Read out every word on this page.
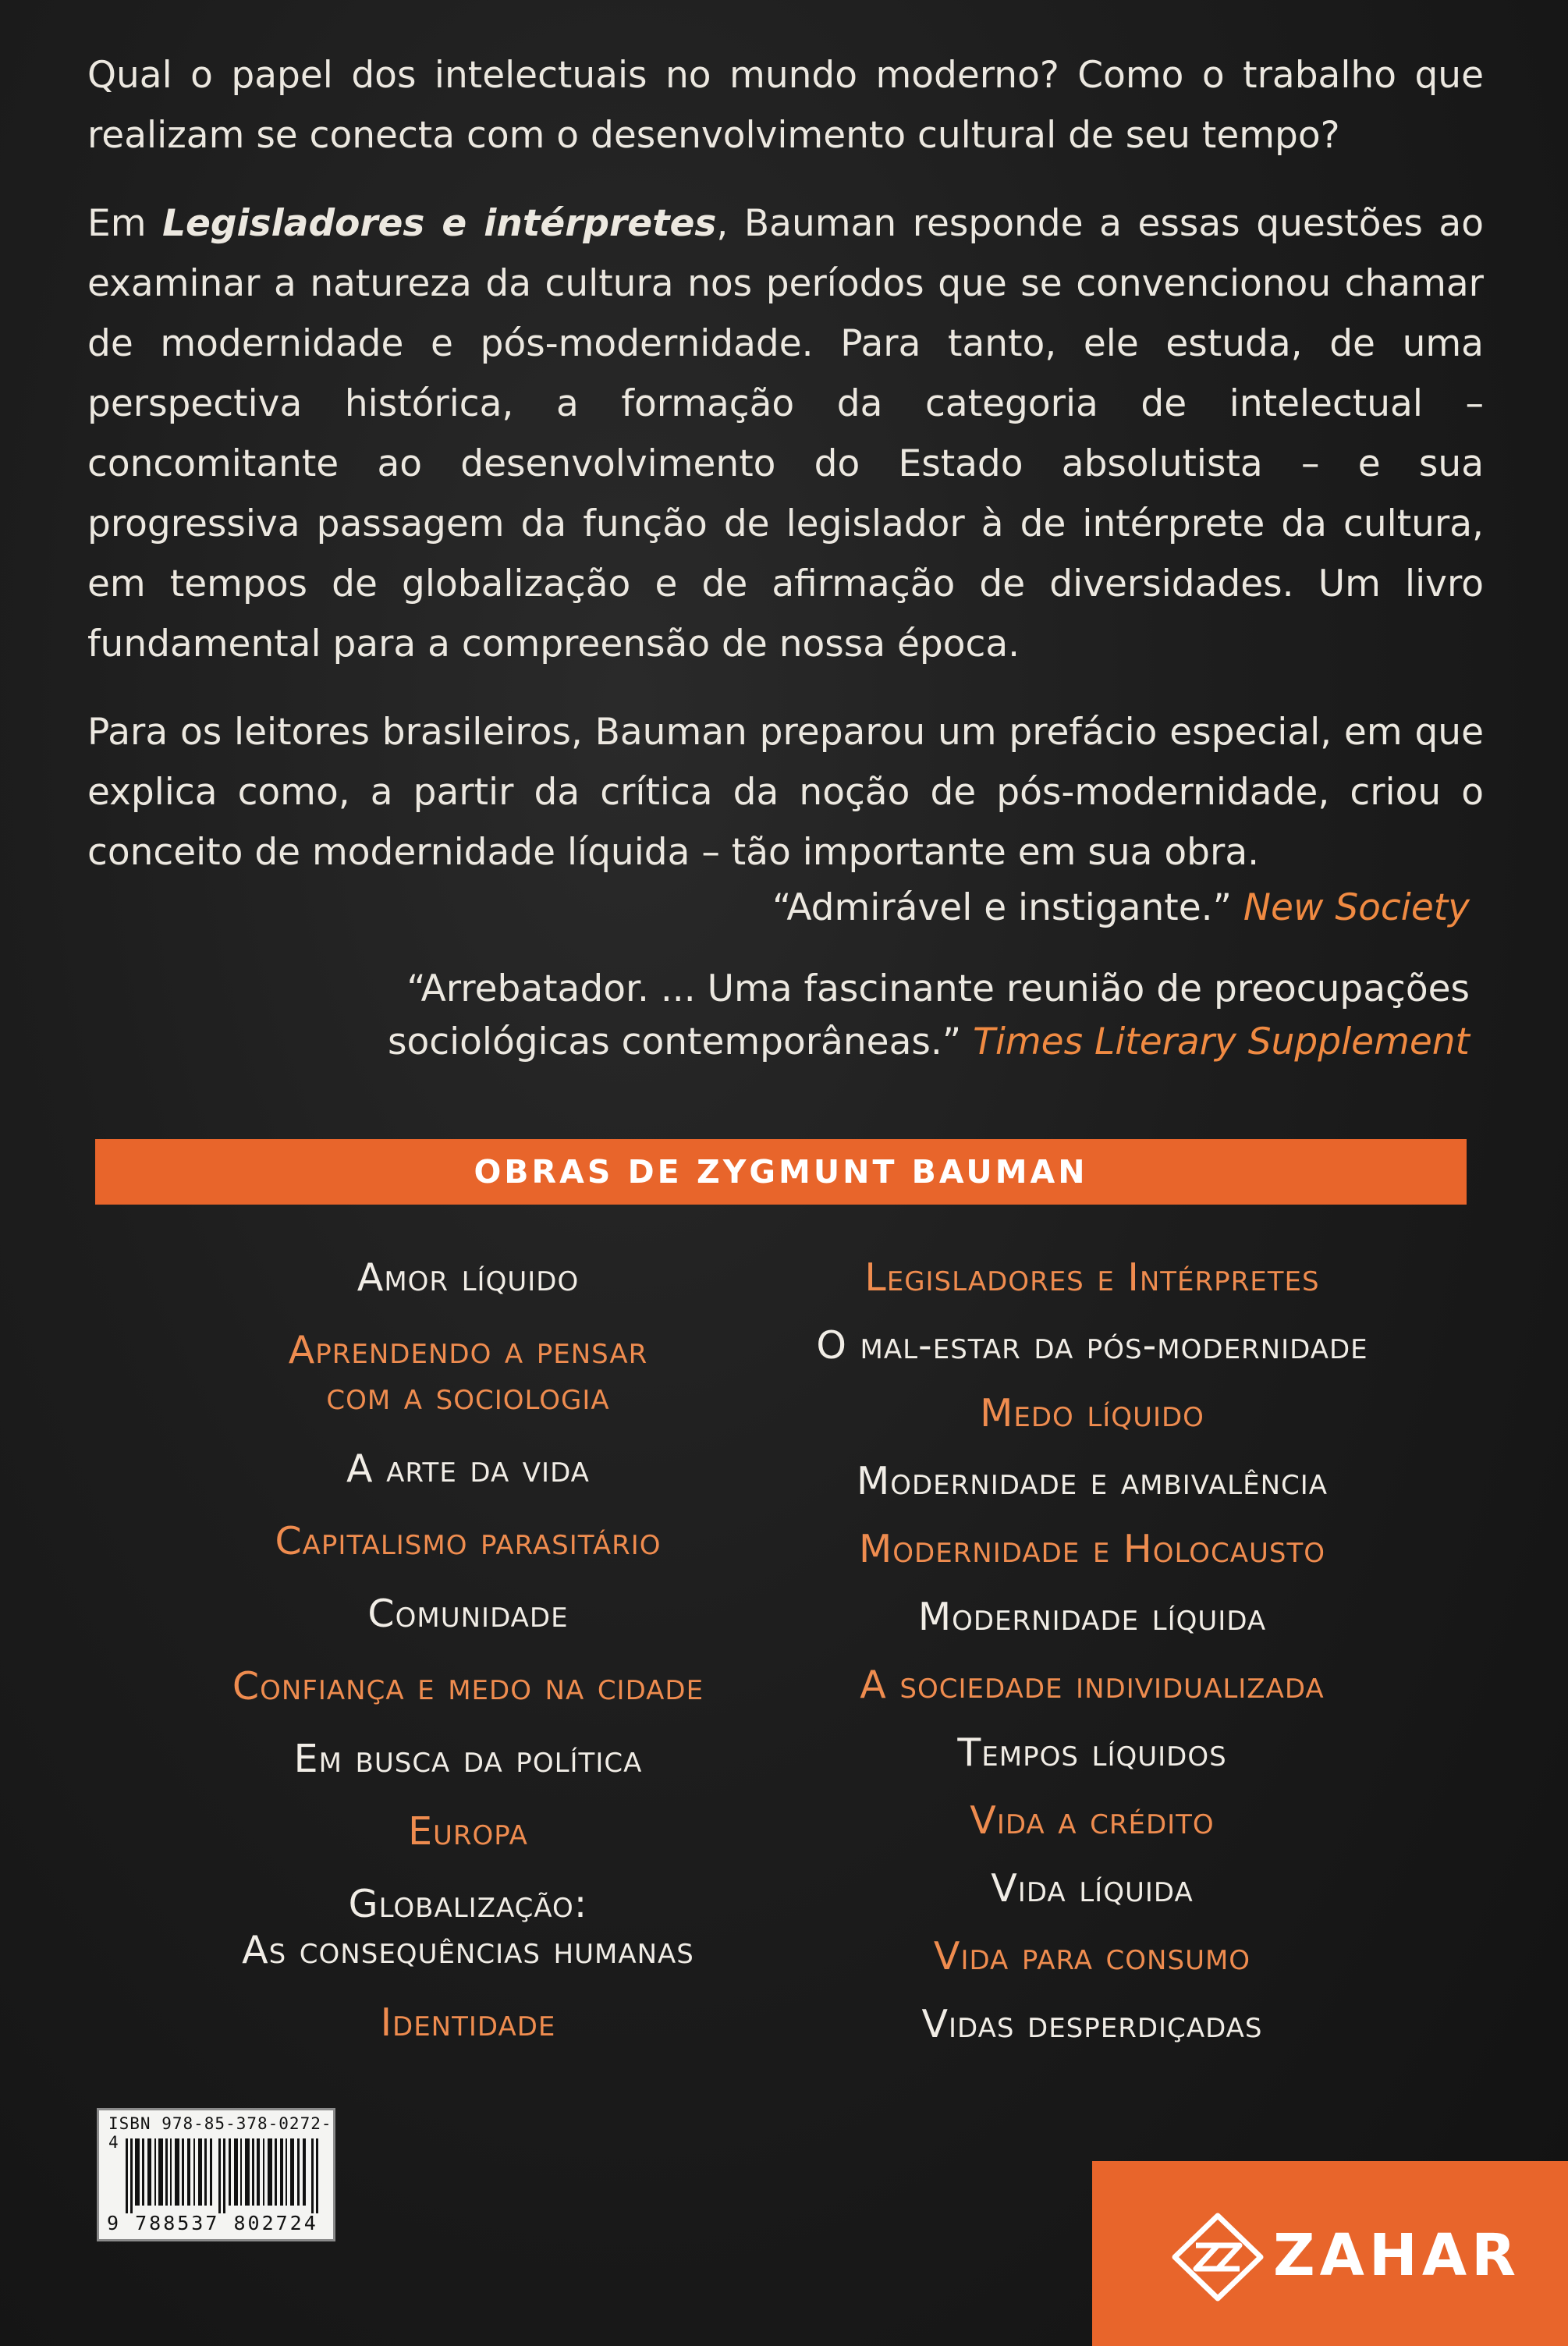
Qual o papel dos intelectuais no mundo moderno? Como o trabalho que realizam se conecta com o desenvolvimento cultural de seu tempo?

Em Legisladores e intérpretes, Bauman responde a essas questões ao examinar a natureza da cultura nos períodos que se convencionou chamar de modernidade e pós-modernidade. Para tanto, ele estuda, de uma perspectiva histórica, a formação da categoria de intelectual – concomitante ao desenvolvimento do Estado absolutista – e sua progressiva passagem da função de legislador à de intérprete da cultura, em tempos de globalização e de afirmação de diversidades. Um livro fundamental para a compreensão de nossa época.

Para os leitores brasileiros, Bauman preparou um prefácio especial, em que explica como, a partir da crítica da noção de pós-modernidade, criou o conceito de modernidade líquida – tão importante em sua obra.

“Admirável e instigante.” New Society
“Arrebatador. ... Uma fascinante reunião de preocupações sociológicas contemporâneas.” Times Literary Supplement
OBRAS DE ZYGMUNT BAUMAN
Amor líquido
Aprendendo a pensar
com a sociologia
A arte da vida
Capitalismo parasitário
Comunidade
Confiança e medo na cidade
Em busca da política
Europa
Globalização:
As consequências humanas
Identidade
Legisladores e Intérpretes
O mal-estar da pós-modernidade
Medo líquido
Modernidade e ambivalência
Modernidade e Holocausto
Modernidade líquida
A sociedade individualizada
Tempos líquidos
Vida a crédito
Vida líquida
Vida para consumo
Vidas desperdiçadas
ISBN 978-85-378-0272-4
9 788537 802724	ZAHAR
